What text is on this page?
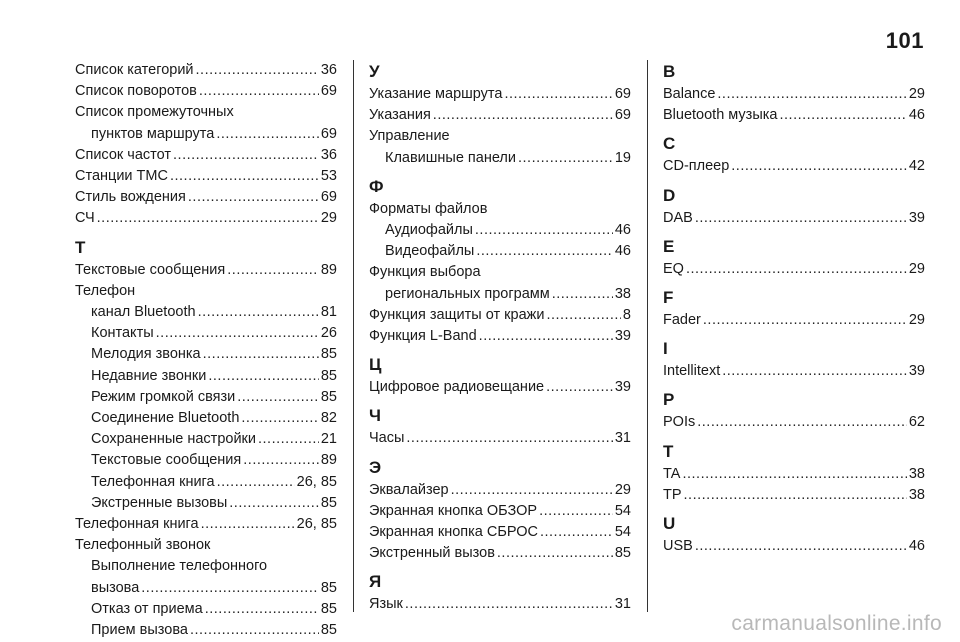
101
Список категорий .....	36
Список поворотов .....	69
Список промежуточных
пунктов маршрута .....	69
Список частот .....	36
Станции TMC .....	53
Стиль вождения .....	69
СЧ .....	29
Т
Текстовые сообщения .....	89
Телефон
канал Bluetooth .....	81
Контакты .....	26
Мелодия звонка .....	85
Недавние звонки .....	85
Режим громкой связи .....	85
Соединение Bluetooth .....	82
Сохраненные настройки .....	21
Текстовые сообщения .....	89
Телефонная книга .....	26, 85
Экстренные вызовы .....	85
Телефонная книга .....	26, 85
Телефонный звонок
Выполнение телефонного
вызова .....	85
Отказ от приема .....	85
Прием вызова .....	85
У
Указание маршрута .....	69
Указания .....	69
Управление
Клавишные панели .....	19
Ф
Форматы файлов
Аудиофайлы .....	46
Видеофайлы .....	46
Функция выбора
региональных программ .....	38
Функция защиты от кражи .....	8
Функция L-Band .....	39
Ц
Цифровое радиовещание .....	39
Ч
Часы .....	31
Э
Эквалайзер .....	29
Экранная кнопка ОБЗОР .....	54
Экранная кнопка СБРОС .....	54
Экстренный вызов .....	85
Я
Язык .....	31
B
Balance .....	29
Bluetooth музыка .....	46
C
CD-плеер .....	42
D
DAB .....	39
E
EQ .....	29
F
Fader .....	29
I
Intellitext .....	39
P
POIs .....	62
T
TA .....	38
TP .....	38
U
USB .....	46
carmanualsonline.info
